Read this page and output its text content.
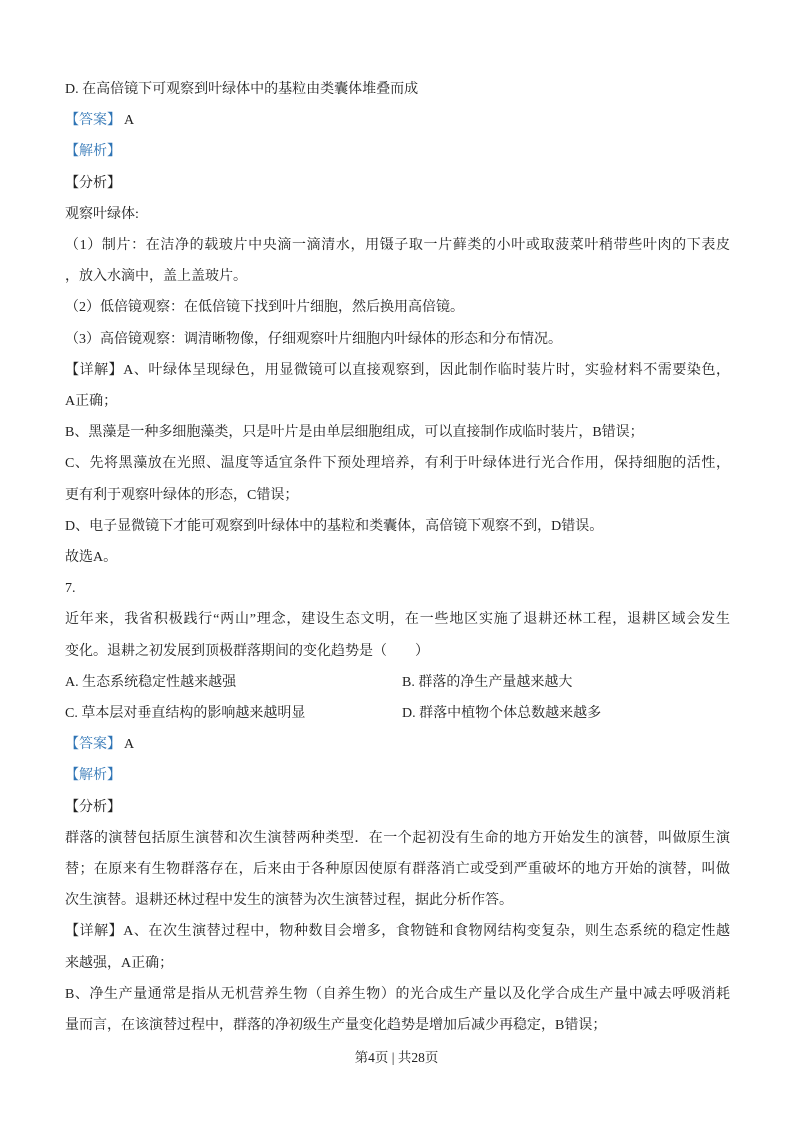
D. 在高倍镜下可观察到叶绿体中的基粒由类囊体堆叠而成
【答案】 A
【解析】
【分析】
观察叶绿体:
（1）制片：在洁净的载玻片中央滴一滴清水，用镊子取一片藓类的小叶或取菠菜叶稍带些叶肉的下表皮
，放入水滴中，盖上盖玻片。
（2）低倍镜观察：在低倍镜下找到叶片细胞，然后换用高倍镜。
（3）高倍镜观察：调清晰物像，仔细观察叶片细胞内叶绿体的形态和分布情况。
【详解】A、叶绿体呈现绿色，用显微镜可以直接观察到，因此制作临时装片时，实验材料不需要染色，
A正确；
B、黑藻是一种多细胞藻类，只是叶片是由单层细胞组成，可以直接制作成临时装片，B错误；
C、先将黑藻放在光照、温度等适宜条件下预处理培养，有利于叶绿体进行光合作用，保持细胞的活性，
更有利于观察叶绿体的形态，C错误；
D、电子显微镜下才能可观察到叶绿体中的基粒和类囊体，高倍镜下观察不到，D错误。
故选A。
7.
近年来，我省积极践行“两山”理念，建设生态文明，在一些地区实施了退耕还林工程，退耕区域会发生
变化。退耕之初发展到顶极群落期间的变化趋势是（　　）
A. 生态系统稳定性越来越强	B. 群落的净生产量越来越大
C. 草本层对垂直结构的影响越来越明显	D. 群落中植物个体总数越来越多
【答案】 A
【解析】
【分析】
群落的演替包括原生演替和次生演替两种类型．在一个起初没有生命的地方开始发生的演替，叫做原生演
替；在原来有生物群落存在，后来由于各种原因使原有群落消亡或受到严重破坏的地方开始的演替，叫做
次生演替。退耕还林过程中发生的演替为次生演替过程，据此分析作答。
【详解】A、在次生演替过程中，物种数目会增多，食物链和食物网结构变复杂，则生态系统的稳定性越
来越强，A正确；
B、净生产量通常是指从无机营养生物（自养生物）的光合成生产量以及化学合成生产量中减去呼吸消耗
量而言，在该演替过程中，群落的净初级生产量变化趋势是增加后减少再稳定，B错误；
第4页 | 共28页
